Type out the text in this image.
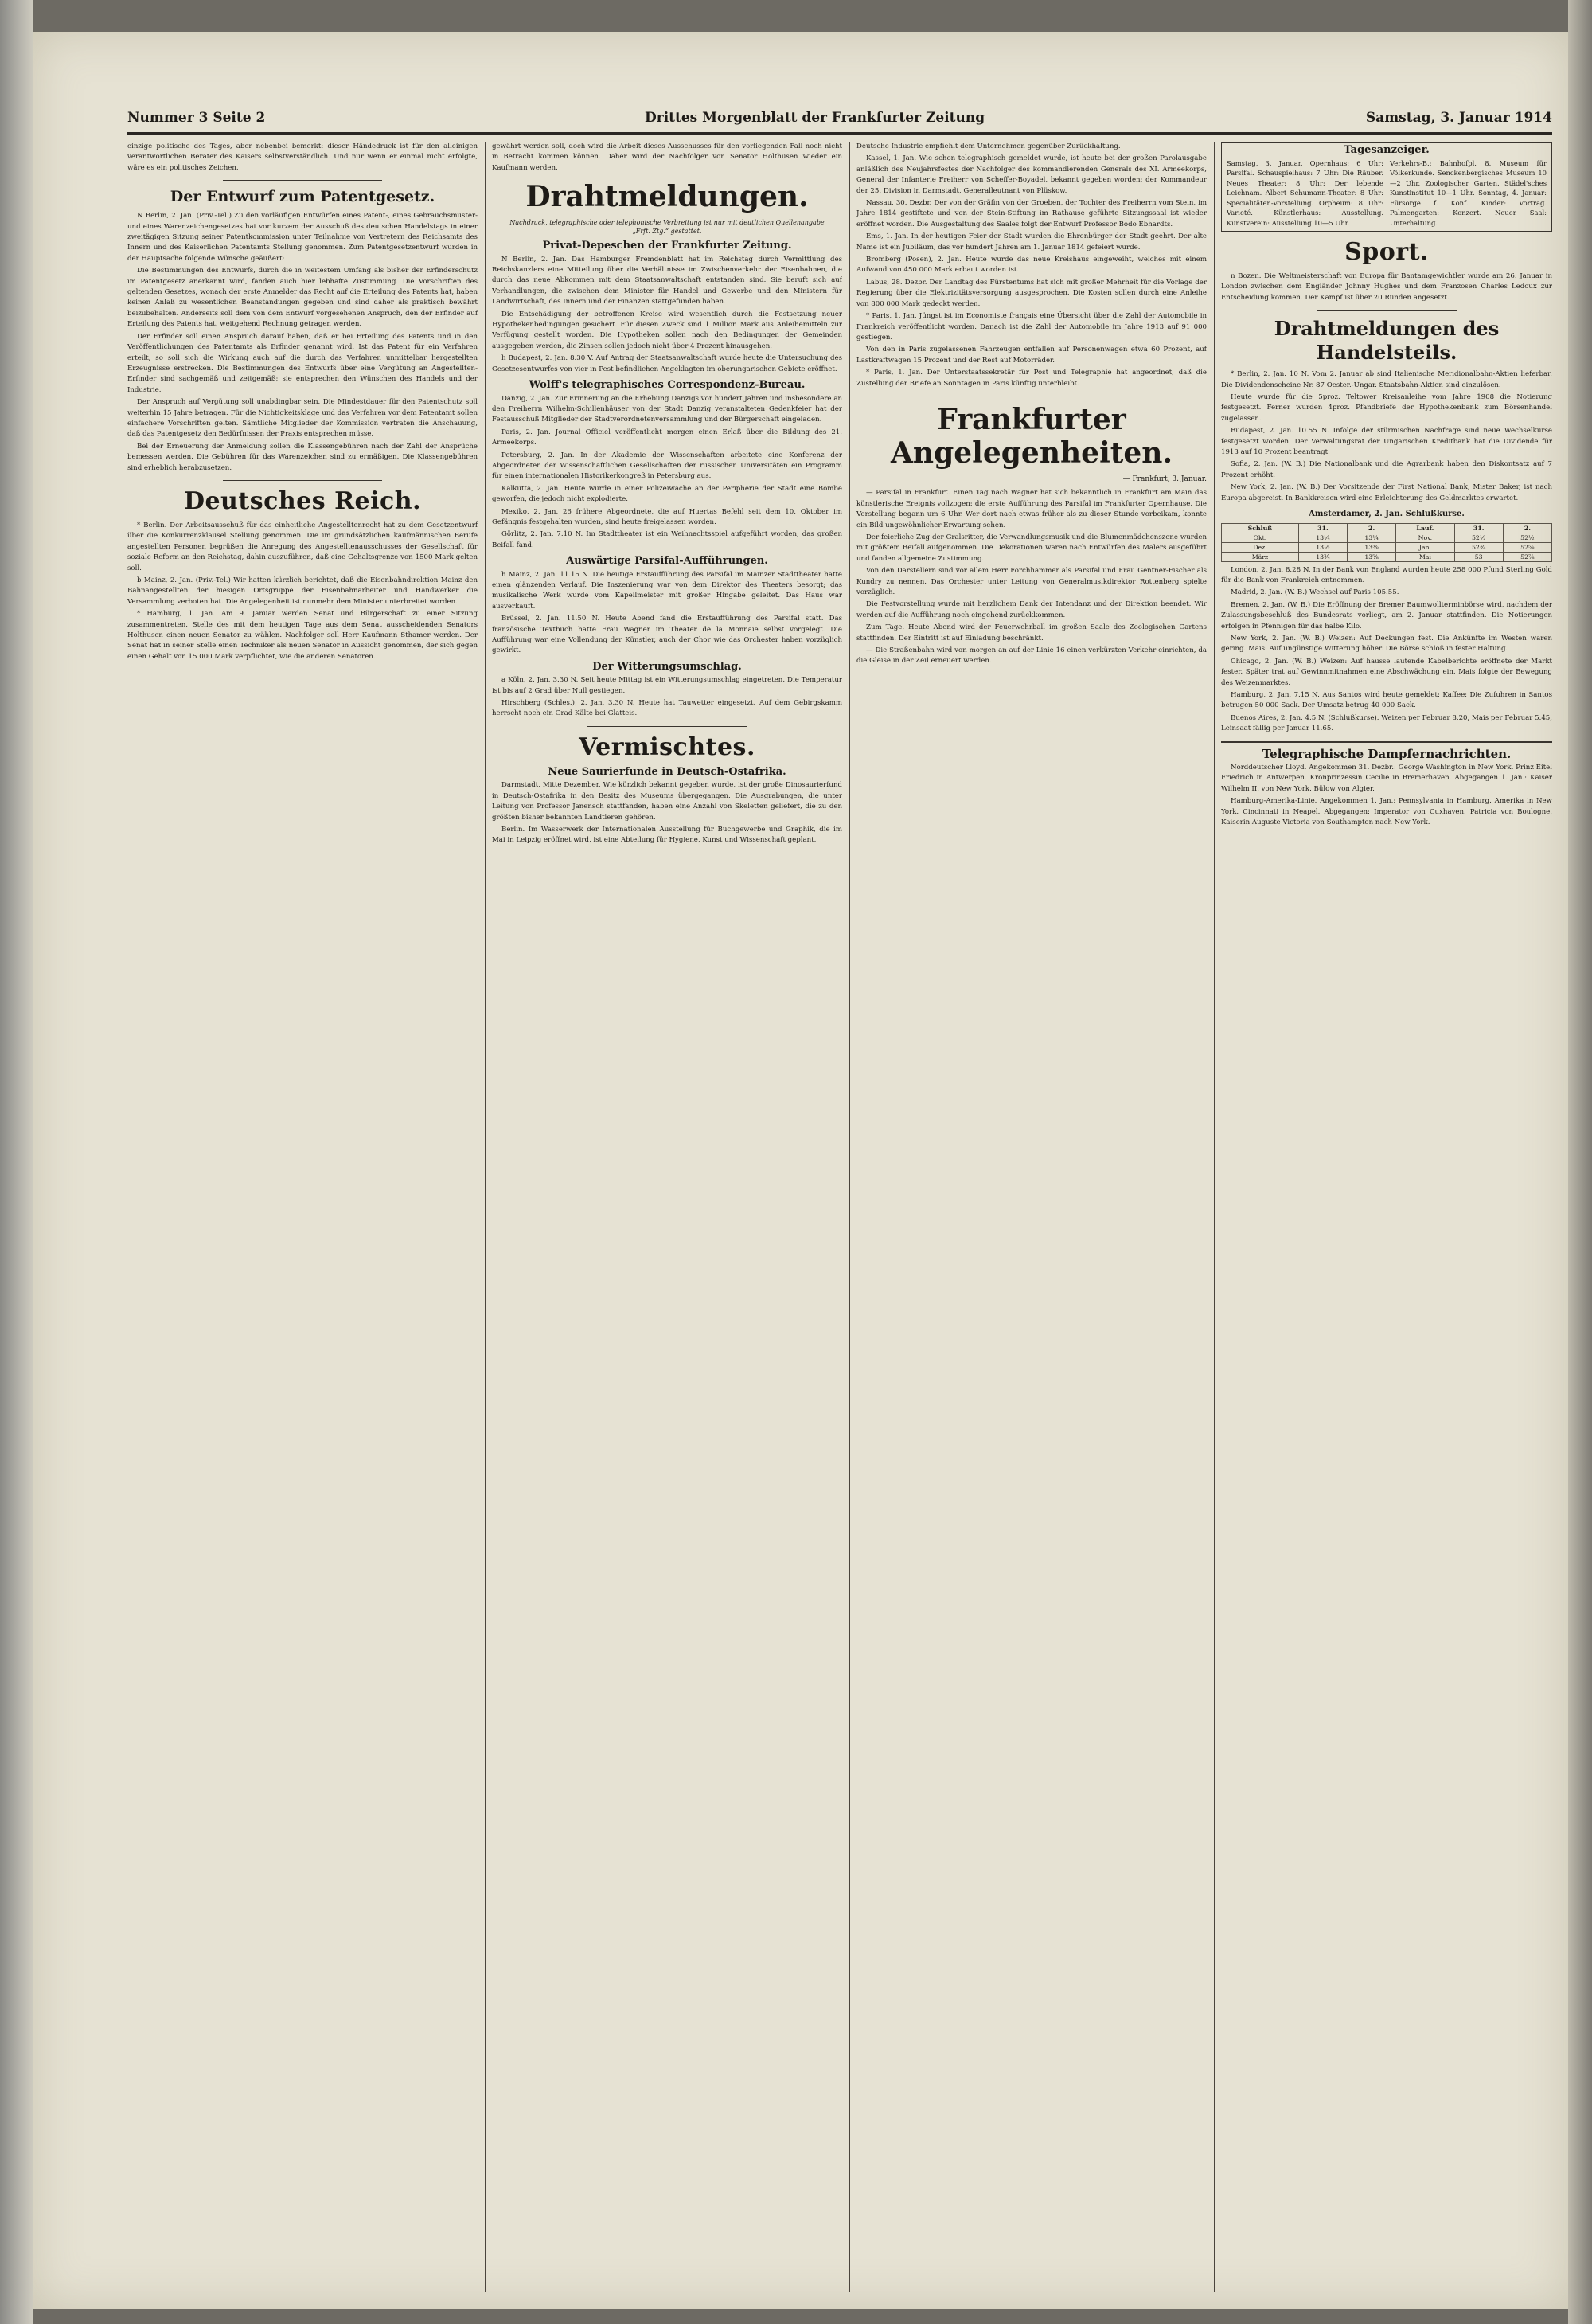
Nummer 3 Seite 2	Drittes Morgenblatt der Frankfurter Zeitung	Samstag, 3. Januar 1914

einzige politische des Tages, aber nebenbei bemerkt: dieser Händedruck ist für den alleinigen verantwortlichen Berater des Kaisers selbstverständlich. Und nur wenn er einmal nicht erfolgte, wäre es ein politisches Zeichen.

Der Entwurf zum Patentgesetz.

N Berlin, 2. Jan. (Priv.-Tel.) Zu den vorläufigen Entwürfen eines Patent-, eines Gebrauchsmuster- und eines Warenzeichengesetzes hat vor kurzem der Ausschuß des deutschen Handelstags in einer zweitägigen Sitzung seiner Patentkommission unter Teilnahme von Vertretern des Reichsamts des Innern und des Kaiserlichen Patentamts Stellung genommen. Zum Patentgesetzentwurf wurden in der Hauptsache folgende Wünsche geäußert:

Die Bestimmungen des Entwurfs, durch die in weitestem Umfang als bisher der Erfinderschutz im Patentgesetz anerkannt wird, fanden auch hier lebhafte Zustimmung. Die Vorschriften des geltenden Gesetzes, wonach der erste Anmelder das Recht auf die Erteilung des Patents hat, haben keinen Anlaß zu wesentlichen Beanstandungen gegeben und sind daher als praktisch bewährt beizubehalten. Anderseits soll dem von dem Entwurf vorgesehenen Anspruch, den der Erfinder auf Erteilung des Patents hat, weitgehend Rechnung getragen werden.

Der Erfinder soll einen Anspruch darauf haben, daß er bei Erteilung des Patents und in den Veröffentlichungen des Patentamts als Erfinder genannt wird. Ist das Patent für ein Verfahren erteilt, so soll sich die Wirkung auch auf die durch das Verfahren unmittelbar hergestellten Erzeugnisse erstrecken. Die Bestimmungen des Entwurfs über eine Vergütung an Angestellten-Erfinder sind sachgemäß und zeitgemäß; sie entsprechen den Wünschen des Handels und der Industrie.

Der Anspruch auf Vergütung soll unabdingbar sein. Die Mindestdauer für den Patentschutz soll weiterhin 15 Jahre betragen. Für die Nichtigkeitsklage und das Verfahren vor dem Patentamt sollen einfachere Vorschriften gelten. Sämtliche Mitglieder der Kommission vertraten die Anschauung, daß das Patentgesetz den Bedürfnissen der Praxis entsprechen müsse.

Bei der Erneuerung der Anmeldung sollen die Klassengebühren nach der Zahl der Ansprüche bemessen werden. Die Gebühren für das Warenzeichen sind zu ermäßigen. Die Klassengebühren sind erheblich herabzusetzen.

Deutsches Reich.

* Berlin. Der Arbeitsausschuß für das einheitliche Angestelltenrecht hat zu dem Gesetzentwurf über die Konkurrenzklausel Stellung genommen. Die im grundsätzlichen kaufmännischen Berufe angestellten Personen begrüßen die Anregung des Angestelltenausschusses der Gesellschaft für soziale Reform an den Reichstag, dahin auszuführen, daß eine Gehaltsgrenze von 1500 Mark gelten soll.

b Mainz, 2. Jan. (Priv.-Tel.) Wir hatten kürzlich berichtet, daß die Eisenbahndirektion Mainz den Bahnangestellten der hiesigen Ortsgruppe der Eisenbahnarbeiter und Handwerker die Versammlung verboten hat. Die Angelegenheit ist nunmehr dem Minister unterbreitet worden.

* Hamburg, 1. Jan. Am 9. Januar werden Senat und Bürgerschaft zu einer Sitzung zusammentreten. Stelle des mit dem heutigen Tage aus dem Senat ausscheidenden Senators Holthusen einen neuen Senator zu wählen. Nachfolger soll Herr Kaufmann Sthamer werden. Der Senat hat in seiner Stelle einen Techniker als neuen Senator in Aussicht genommen, der sich gegen einen Gehalt von 15 000 Mark verpflichtet, wie die anderen Senatoren.

gewährt werden soll, doch wird die Arbeit dieses Ausschusses für den vorliegenden Fall noch nicht in Betracht kommen können. Daher wird der Nachfolger von Senator Holthusen wieder ein Kaufmann werden.

Drahtmeldungen.
Nachdruck, telegraphische oder telephonische Verbreitung ist nur mit deutlichen Quellenangabe „Frft. Ztg.“ gestattet.
Privat-Depeschen der Frankfurter Zeitung.

N Berlin, 2. Jan. Das Hamburger Fremdenblatt hat im Reichstag durch Vermittlung des Reichskanzlers eine Mitteilung über die Verhältnisse im Zwischenverkehr der Eisenbahnen, die durch das neue Abkommen mit dem Staatsanwaltschaft entstanden sind. Sie beruft sich auf Verhandlungen, die zwischen dem Minister für Handel und Gewerbe und den Ministern für Landwirtschaft, des Innern und der Finanzen stattgefunden haben.

Die Entschädigung der betroffenen Kreise wird wesentlich durch die Festsetzung neuer Hypothekenbedingungen gesichert. Für diesen Zweck sind 1 Million Mark aus Anleihemitteln zur Verfügung gestellt worden. Die Hypotheken sollen nach den Bedingungen der Gemeinden ausgegeben werden, die Zinsen sollen jedoch nicht über 4 Prozent hinausgehen.

h Budapest, 2. Jan. 8.30 V. Auf Antrag der Staatsanwaltschaft wurde heute die Untersuchung des Gesetzesentwurfes von vier in Pest befindlichen Angeklagten im oberungarischen Gebiete eröffnet.

Wolff's telegraphisches Correspondenz-Bureau.

Danzig, 2. Jan. Zur Erinnerung an die Erhebung Danzigs vor hundert Jahren und insbesondere an den Freiherrn Wilhelm-Schillenhäuser von der Stadt Danzig veranstalteten Gedenkfeier hat der Festausschuß Mitglieder der Stadtverordnetenversammlung und der Bürgerschaft eingeladen.

Paris, 2. Jan. Journal Officiel veröffentlicht morgen einen Erlaß über die Bildung des 21. Armeekorps.

Petersburg, 2. Jan. In der Akademie der Wissenschaften arbeitete eine Konferenz der Abgeordneten der Wissenschaftlichen Gesellschaften der russischen Universitäten ein Programm für einen internationalen Historikerkongreß in Petersburg aus.

Kalkutta, 2. Jan. Heute wurde in einer Polizeiwache an der Peripherie der Stadt eine Bombe geworfen, die jedoch nicht explodierte.

Mexiko, 2. Jan. 26 frühere Abgeordnete, die auf Huertas Befehl seit dem 10. Oktober im Gefängnis festgehalten wurden, sind heute freigelassen worden.

Görlitz, 2. Jan. 7.10 N. Im Stadttheater ist ein Weihnachtsspiel aufgeführt worden, das großen Beifall fand.

Auswärtige Parsifal-Aufführungen.

h Mainz, 2. Jan. 11.15 N. Die heutige Erstaufführung des Parsifal im Mainzer Stadttheater hatte einen glänzenden Verlauf. Die Inszenierung war von dem Direktor des Theaters besorgt; das musikalische Werk wurde vom Kapellmeister mit großer Hingabe geleitet. Das Haus war ausverkauft.

Brüssel, 2. Jan. 11.50 N. Heute Abend fand die Erstaufführung des Parsifal statt. Das französische Textbuch hatte Frau Wagner im Theater de la Monnaie selbst vorgelegt. Die Aufführung war eine Vollendung der Künstler, auch der Chor wie das Orchester haben vorzüglich gewirkt.

Der Witterungsumschlag.

a Köln, 2. Jan. 3.30 N. Seit heute Mittag ist ein Witterungsumschlag eingetreten. Die Temperatur ist bis auf 2 Grad über Null gestiegen.

Hirschberg (Schles.), 2. Jan. 3.30 N. Heute hat Tauwetter eingesetzt. Auf dem Gebirgskamm herrscht noch ein Grad Kälte bei Glatteis.

Vermischtes.
Neue Saurierfunde in Deutsch-Ostafrika.

Darmstadt, Mitte Dezember. Wie kürzlich bekannt gegeben wurde, ist der große Dinosaurierfund in Deutsch-Ostafrika in den Besitz des Museums übergegangen. Die Ausgrabungen, die unter Leitung von Professor Janensch stattfanden, haben eine Anzahl von Skeletten geliefert, die zu den größten bisher bekannten Landtieren gehören.

Berlin. Im Wasserwerk der Internationalen Ausstellung für Buchgewerbe und Graphik, die im Mai in Leipzig eröffnet wird, ist eine Abteilung für Hygiene, Kunst und Wissenschaft geplant.

Deutsche Industrie empfiehlt dem Unternehmen gegenüber Zurückhaltung.

Kassel, 1. Jan. Wie schon telegraphisch gemeldet wurde, ist heute bei der großen Parolausgabe anläßlich des Neujahrsfestes der Nachfolger des kommandierenden Generals des XI. Armeekorps, General der Infanterie Freiherr von Scheffer-Boyadel, bekannt gegeben worden: der Kommandeur der 25. Division in Darmstadt, Generalleutnant von Plüskow.

Nassau, 30. Dezbr. Der von der Gräfin von der Groeben, der Tochter des Freiherrn vom Stein, im Jahre 1814 gestiftete und von der Stein-Stiftung im Rathause geführte Sitzungssaal ist wieder eröffnet worden. Die Ausgestaltung des Saales folgt der Entwurf Professor Bodo Ebhardts.

Ems, 1. Jan. In der heutigen Feier der Stadt wurden die Ehrenbürger der Stadt geehrt. Der alte Name ist ein Jubiläum, das vor hundert Jahren am 1. Januar 1814 gefeiert wurde.

Bromberg (Posen), 2. Jan. Heute wurde das neue Kreishaus eingeweiht, welches mit einem Aufwand von 450 000 Mark erbaut worden ist.

Labus, 28. Dezbr. Der Landtag des Fürstentums hat sich mit großer Mehrheit für die Vorlage der Regierung über die Elektrizitätsversorgung ausgesprochen. Die Kosten sollen durch eine Anleihe von 800 000 Mark gedeckt werden.

* Paris, 1. Jan. Jüngst ist im Economiste français eine Übersicht über die Zahl der Automobile in Frankreich veröffentlicht worden. Danach ist die Zahl der Automobile im Jahre 1913 auf 91 000 gestiegen.

Von den in Paris zugelassenen Fahrzeugen entfallen auf Personenwagen etwa 60 Prozent, auf Lastkraftwagen 15 Prozent und der Rest auf Motorräder.

* Paris, 1. Jan. Der Unterstaatssekretär für Post und Telegraphie hat angeordnet, daß die Zustellung der Briefe an Sonntagen in Paris künftig unterbleibt.

Frankfurter Angelegenheiten.
— Frankfurt, 3. Januar.

— Parsifal in Frankfurt. Einen Tag nach Wagner hat sich bekanntlich in Frankfurt am Main das künstlerische Ereignis vollzogen: die erste Aufführung des Parsifal im Frankfurter Opernhause. Die Vorstellung begann um 6 Uhr. Wer dort nach etwas früher als zu dieser Stunde vorbeikam, konnte ein Bild ungewöhnlicher Erwartung sehen.

Der feierliche Zug der Gralsritter, die Verwandlungsmusik und die Blumenmädchenszene wurden mit größtem Beifall aufgenommen. Die Dekorationen waren nach Entwürfen des Malers ausgeführt und fanden allgemeine Zustimmung.

Von den Darstellern sind vor allem Herr Forchhammer als Parsifal und Frau Gentner-Fischer als Kundry zu nennen. Das Orchester unter Leitung von Generalmusikdirektor Rottenberg spielte vorzüglich.

Die Festvorstellung wurde mit herzlichem Dank der Intendanz und der Direktion beendet. Wir werden auf die Aufführung noch eingehend zurückkommen.

Zum Tage. Heute Abend wird der Feuerwehrball im großen Saale des Zoologischen Gartens stattfinden. Der Eintritt ist auf Einladung beschränkt.

— Die Straßenbahn wird von morgen an auf der Linie 16 einen verkürzten Verkehr einrichten, da die Gleise in der Zeil erneuert werden.

Tagesanzeiger.
Samstag, 3. Januar. Opernhaus: 6 Uhr: Parsifal. Schauspielhaus: 7 Uhr: Die Räuber. Neues Theater: 8 Uhr: Der lebende Leichnam. Albert Schumann-Theater: 8 Uhr: Specialitäten-Vorstellung. Orpheum: 8 Uhr: Varieté. Künstlerhaus: Ausstellung. Kunstverein: Ausstellung 10—5 Uhr.
Verkehrs-B.: Bahnhofpl. 8. Museum für Völkerkunde. Senckenbergisches Museum 10—2 Uhr. Zoologischer Garten. Städel'sches Kunstinstitut 10—1 Uhr. Sonntag, 4. Januar: Fürsorge f. Konf. Kinder: Vortrag. Palmengarten: Konzert. Neuer Saal: Unterhaltung.
Sport.

n Bozen. Die Weltmeisterschaft von Europa für Bantamgewichtler wurde am 26. Januar in London zwischen dem Engländer Johnny Hughes und dem Franzosen Charles Ledoux zur Entscheidung kommen. Der Kampf ist über 20 Runden angesetzt.

Drahtmeldungen des Handelsteils.

* Berlin, 2. Jan. 10 N. Vom 2. Januar ab sind Italienische Meridionalbahn-Aktien lieferbar. Die Dividendenscheine Nr. 87 Oester.-Ungar. Staatsbahn-Aktien sind einzulösen.

Heute wurde für die 5proz. Teltower Kreisanleihe vom Jahre 1908 die Notierung festgesetzt. Ferner wurden 4proz. Pfandbriefe der Hypothekenbank zum Börsenhandel zugelassen.

Budapest, 2. Jan. 10.55 N. Infolge der stürmischen Nachfrage sind neue Wechselkurse festgesetzt worden. Der Verwaltungsrat der Ungarischen Kreditbank hat die Dividende für 1913 auf 10 Prozent beantragt.

Sofia, 2. Jan. (W. B.) Die Nationalbank und die Agrarbank haben den Diskontsatz auf 7 Prozent erhöht.

New York, 2. Jan. (W. B.) Der Vorsitzende der First National Bank, Mister Baker, ist nach Europa abgereist. In Bankkreisen wird eine Erleichterung des Geldmarktes erwartet.

Amsterdamer, 2. Jan. Schlußkurse.
Schluß	31.	2.	Lauf.	31.	2.
Okt.	13¼	13¼	Nov.	52½	52½
Dez.	13½	13⅜	Jan.	52¾	52⅝
März	13¾	13⅝	Mai	53	52⅞

London, 2. Jan. 8.28 N. In der Bank von England wurden heute 258 000 Pfund Sterling Gold für die Bank von Frankreich entnommen.

Madrid, 2. Jan. (W. B.) Wechsel auf Paris 105.55.

Bremen, 2. Jan. (W. B.) Die Eröffnung der Bremer Baumwollterminbörse wird, nachdem der Zulassungsbeschluß des Bundesrats vorliegt, am 2. Januar stattfinden. Die Notierungen erfolgen in Pfennigen für das halbe Kilo.

New York, 2. Jan. (W. B.) Weizen: Auf Deckungen fest. Die Ankünfte im Westen waren gering. Mais: Auf ungünstige Witterung höher. Die Börse schloß in fester Haltung.

Chicago, 2. Jan. (W. B.) Weizen: Auf hausse lautende Kabelberichte eröffnete der Markt fester. Später trat auf Gewinnmitnahmen eine Abschwächung ein. Mais folgte der Bewegung des Weizenmarktes.

Hamburg, 2. Jan. 7.15 N. Aus Santos wird heute gemeldet: Kaffee: Die Zufuhren in Santos betrugen 50 000 Sack. Der Umsatz betrug 40 000 Sack.

Buenos Aires, 2. Jan. 4.5 N. (Schlußkurse). Weizen per Februar 8.20, Mais per Februar 5.45, Leinsaat fällig per Januar 11.65.

Telegraphische Dampfernachrichten.

Norddeutscher Lloyd. Angekommen 31. Dezbr.: George Washington in New York. Prinz Eitel Friedrich in Antwerpen. Kronprinzessin Cecilie in Bremerhaven. Abgegangen 1. Jan.: Kaiser Wilhelm II. von New York. Bülow von Algier.

Hamburg-Amerika-Linie. Angekommen 1. Jan.: Pennsylvania in Hamburg. Amerika in New York. Cincinnati in Neapel. Abgegangen: Imperator von Cuxhaven. Patricia von Boulogne. Kaiserin Auguste Victoria von Southampton nach New York.
